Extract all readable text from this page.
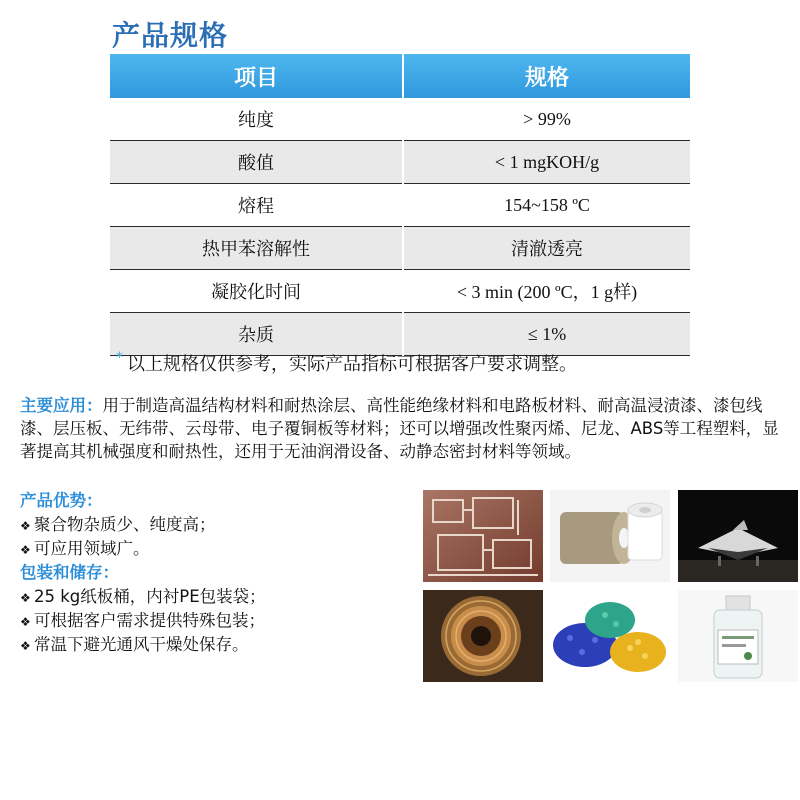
产品规格
项目	规格
纯度	> 99%
酸值	< 1 mgKOH/g
熔程	154~158 ºC
热甲苯溶解性	清澈透亮
凝胶化时间	< 3 min (200 ºC，1 g样)
杂质	≤ 1%
* 以上规格仅供参考，实际产品指标可根据客户要求调整。
主要应用：用于制造高温结构材料和耐热涂层、高性能绝缘材料和电路板材料、耐高温浸渍漆、漆包线漆、层压板、无纬带、云母带、电子覆铜板等材料；还可以增强改性聚丙烯、尼龙、ABS等工程塑料，显著提高其机械强度和耐热性，还用于无油润滑设备、动静态密封材料等领域。
产品优势：
❖ 聚合物杂质少、纯度高；
❖ 可应用领域广。
包装和储存：
❖ 25 kg纸板桶，内衬PE包装袋；
❖ 可根据客户需求提供特殊包装；
❖ 常温下避光通风干燥处保存。
